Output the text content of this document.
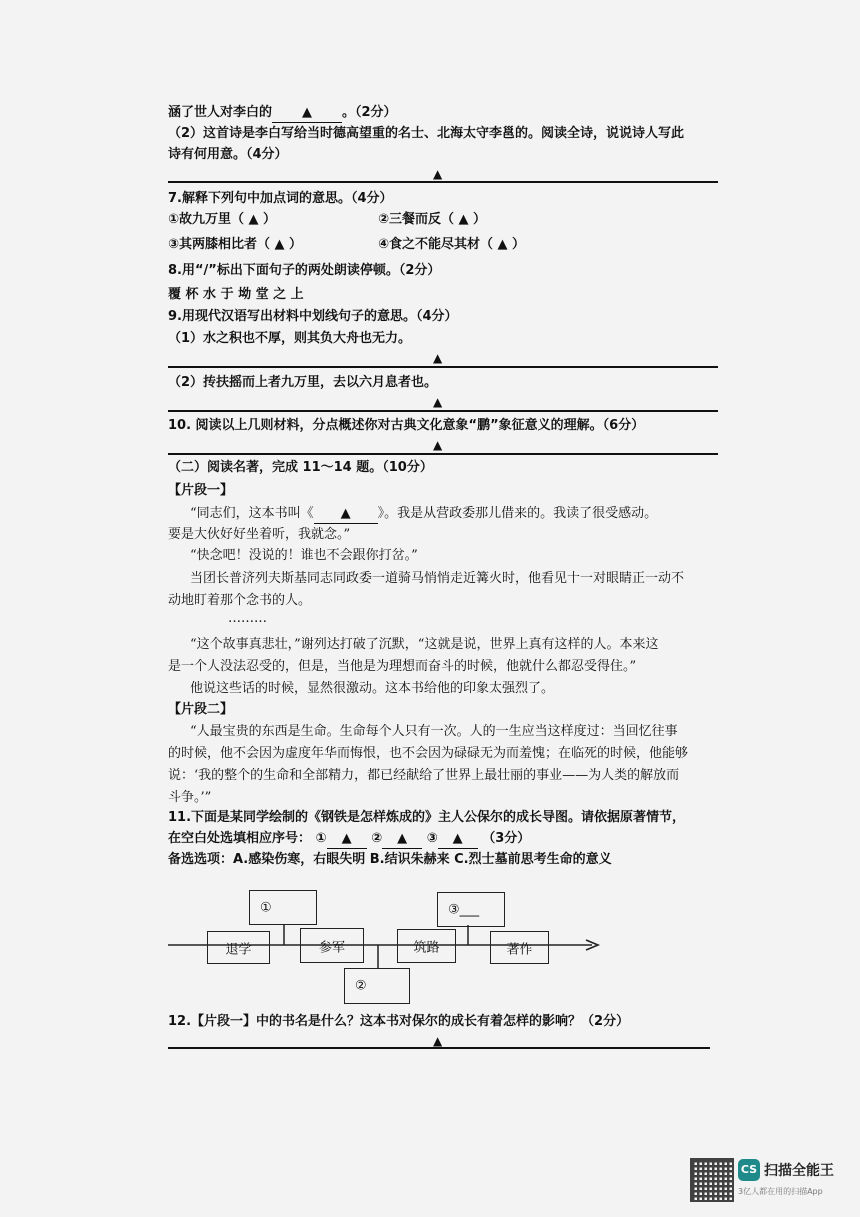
涵了世人对李白的 ▲ 。（2分）
（2）这首诗是李白写给当时德高望重的名士、北海太守李邕的。阅读全诗，说说诗人写此
诗有何用意。（4分）
▲
7.解释下列句中加点词的意思。（4分）
①故九万里（ ▲ ）	②三餐而反（ ▲ ）
③其两膝相比者（ ▲ ）	④食之不能尽其材（ ▲ ）
8.用“/”标出下面句子的两处朗读停顿。（2分）
覆 杯 水 于 坳 堂 之 上
9.用现代汉语写出材料中划线句子的意思。（4分）
（1）水之积也不厚，则其负大舟也无力。
▲
（2）抟扶摇而上者九万里，去以六月息者也。
▲
10. 阅读以上几则材料，分点概述你对古典文化意象“鹏”象征意义的理解。（6分）
▲
（二）阅读名著，完成 11～14 题。（10分）
【片段一】
“同志们，这本书叫《 ▲ 》。我是从营政委那儿借来的。我读了很受感动。
要是大伙好好坐着听，我就念。”
“快念吧！没说的！谁也不会跟你打岔。”
当团长普济列夫斯基同志同政委一道骑马悄悄走近篝火时，他看见十一对眼睛正一动不
动地盯着那个念书的人。
………
“这个故事真悲壮，”谢列达打破了沉默，“这就是说，世界上真有这样的人。本来这
是一个人没法忍受的，但是，当他是为理想而奋斗的时候，他就什么都忍受得住。”
他说这些话的时候，显然很激动。这本书给他的印象太强烈了。
【片段二】
“人最宝贵的东西是生命。生命每个人只有一次。人的一生应当这样度过：当回忆往事
的时候，他不会因为虚度年华而悔恨，也不会因为碌碌无为而羞愧；在临死的时候，他能够
说：‘我的整个的生命和全部精力，都已经献给了世界上最壮丽的事业——为人类的解放而
斗争。’”
11.下面是某同学绘制的《钢铁是怎样炼成的》主人公保尔的成长导图。请依据原著情节，
在空白处选填相应序号： ① ▲ ② ▲ ③ ▲ （3分）
备选选项：A.感染伤寒，右眼失明 B.结识朱赫来 C.烈士墓前思考生命的意义
①	③___
退学	参军	筑路	著作
②
12.【片段一】中的书名是什么？这本书对保尔的成长有着怎样的影响？（2分）
▲
CS 扫描全能王
3亿人都在用的扫描App
